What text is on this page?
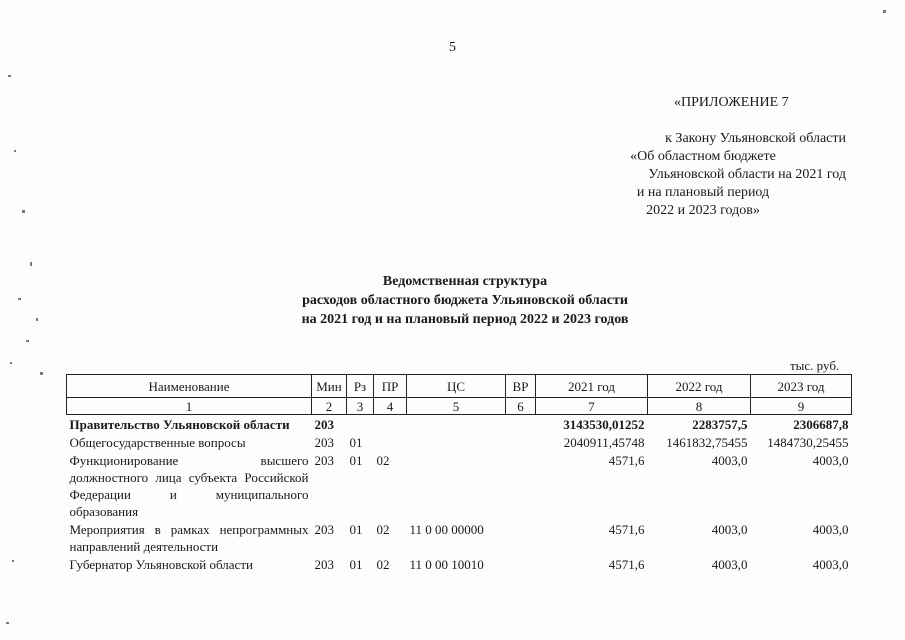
5
«ПРИЛОЖЕНИЕ 7
к Закону Ульяновской области
«Об областном бюджете
Ульяновской области на 2021 год
и на плановый период
2022 и 2023 годов»
Ведомственная структура
расходов областного бюджета Ульяновской области
на 2021 год и на плановый период 2022 и 2023 годов
тыс. руб.
Наименование	Мин	Рз	ПР	ЦС	ВР	2021 год	2022 год	2023 год
1	2	3	4	5	6	7	8	9
Правительство Ульяновской области	203					3143530,01252	2283757,5	2306687,8
Общегосударственные вопросы	203	01				2040911,45748	1461832,75455	1484730,25455
Функционирование высшего должностного лица субъекта Российской Федерации и муниципального образования	203	01	02			4571,6	4003,0	4003,0
Мероприятия в рамках непрограммных направлений деятельности	203	01	02	11 0 00 00000		4571,6	4003,0	4003,0
Губернатор Ульяновской области	203	01	02	11 0 00 10010		4571,6	4003,0	4003,0
